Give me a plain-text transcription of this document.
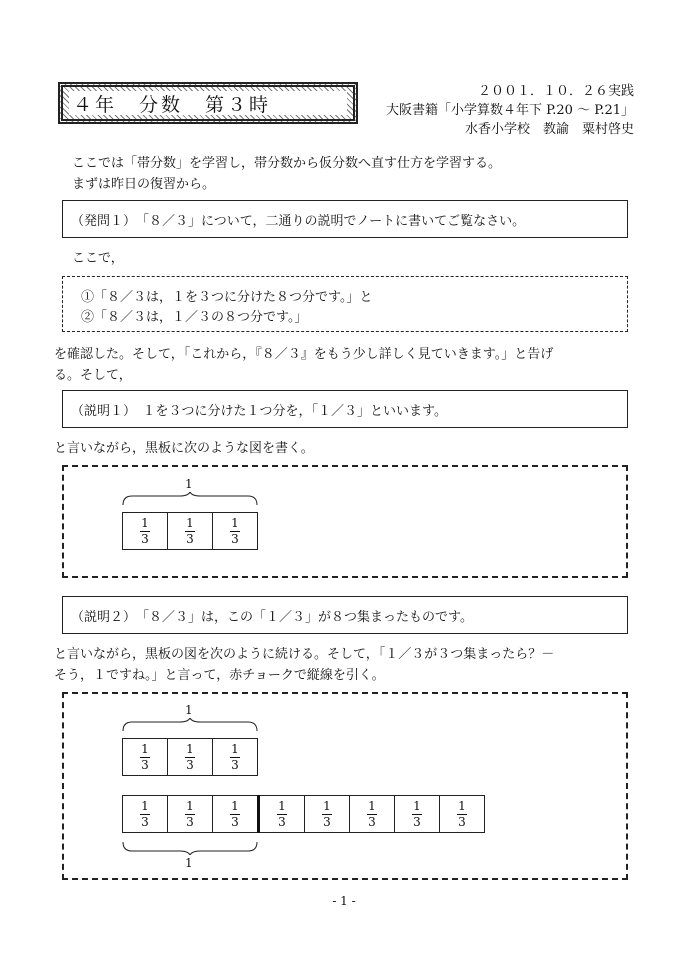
４年　分数　第３時
２００１．１０．２６実践
大阪書籍「小学算数４年下 P.20 ～ P.21」
水香小学校　教諭　粟村啓史
ここでは「帯分数」を学習し，帯分数から仮分数へ直す仕方を学習する。
まずは昨日の復習から。
（発問１）　「８／３」について，二通りの説明でノートに書いてご覧なさい。
ここで，
①「８／３は，１を３つに分けた８つ分です。」と
②「８／３は，１／３の８つ分です。」
を確認した。そして，「これから，『８／３』をもう少し詳しく見ていきます。」と告げ
る。そして，
（説明１）　１を３つに分けた１つ分を，「１／３」といいます。
と言いながら，黒板に次のような図を書く。
1
$\frac{1}{3}$	$\frac{1}{3}$	$\frac{1}{3}$
（説明２）　「８／３」は，この「１／３」が８つ集まったものです。
と言いながら，黒板の図を次のように続ける。そして，「１／３が３つ集まったら？－
そう，１ですね。」と言って，赤チョークで縦線を引く。
1
$\frac{1}{3}$	$\frac{1}{3}$	$\frac{1}{3}$
$\frac{1}{3}$	$\frac{1}{3}$	$\frac{1}{3}$	$\frac{1}{3}$	$\frac{1}{3}$	$\frac{1}{3}$	$\frac{1}{3}$	$\frac{1}{3}$
1
- 1 -
